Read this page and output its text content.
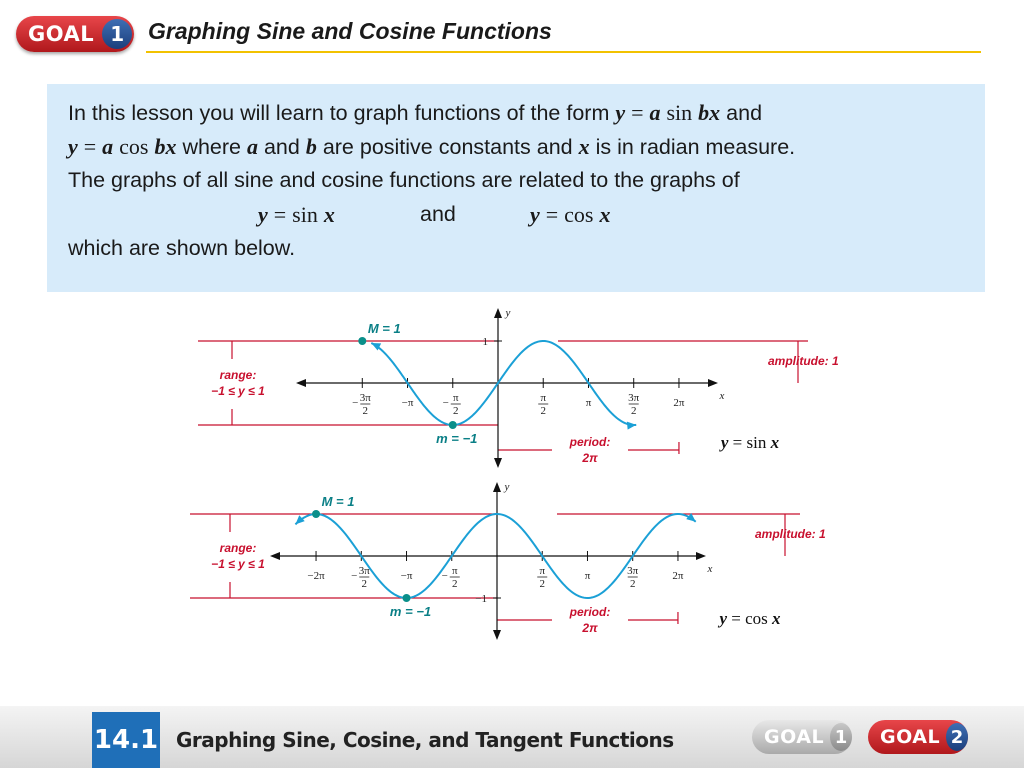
GOAL 1	Graphing Sine and Cosine Functions
In this lesson you will learn to graph functions of the form y = a sin bx and
y = a cos bx where a and b are positive constants and x is in radian measure.
The graphs of all sine and cosine functions are related to the graphs of
y = sin x	and	y = cos x
which are shown below.
y
x
− 3π
2
−π	− π
2
π
2
π	3π
2
2π
1
M = 1
m = −1
range:
−1 ≤ y ≤ 1
amplitude: 1
period:
2π
y = sin x
y
x
−2π − 3π
2
−π	− π
2
π
2
π	3π
2
2π
−1
M = 1
m = −1
range:
−1 ≤ y ≤ 1
amplitude: 1
period:
2π	y = cos x
14.1 Graphing Sine, Cosine, and Tangent Functions	GOAL 1	GOAL 2
